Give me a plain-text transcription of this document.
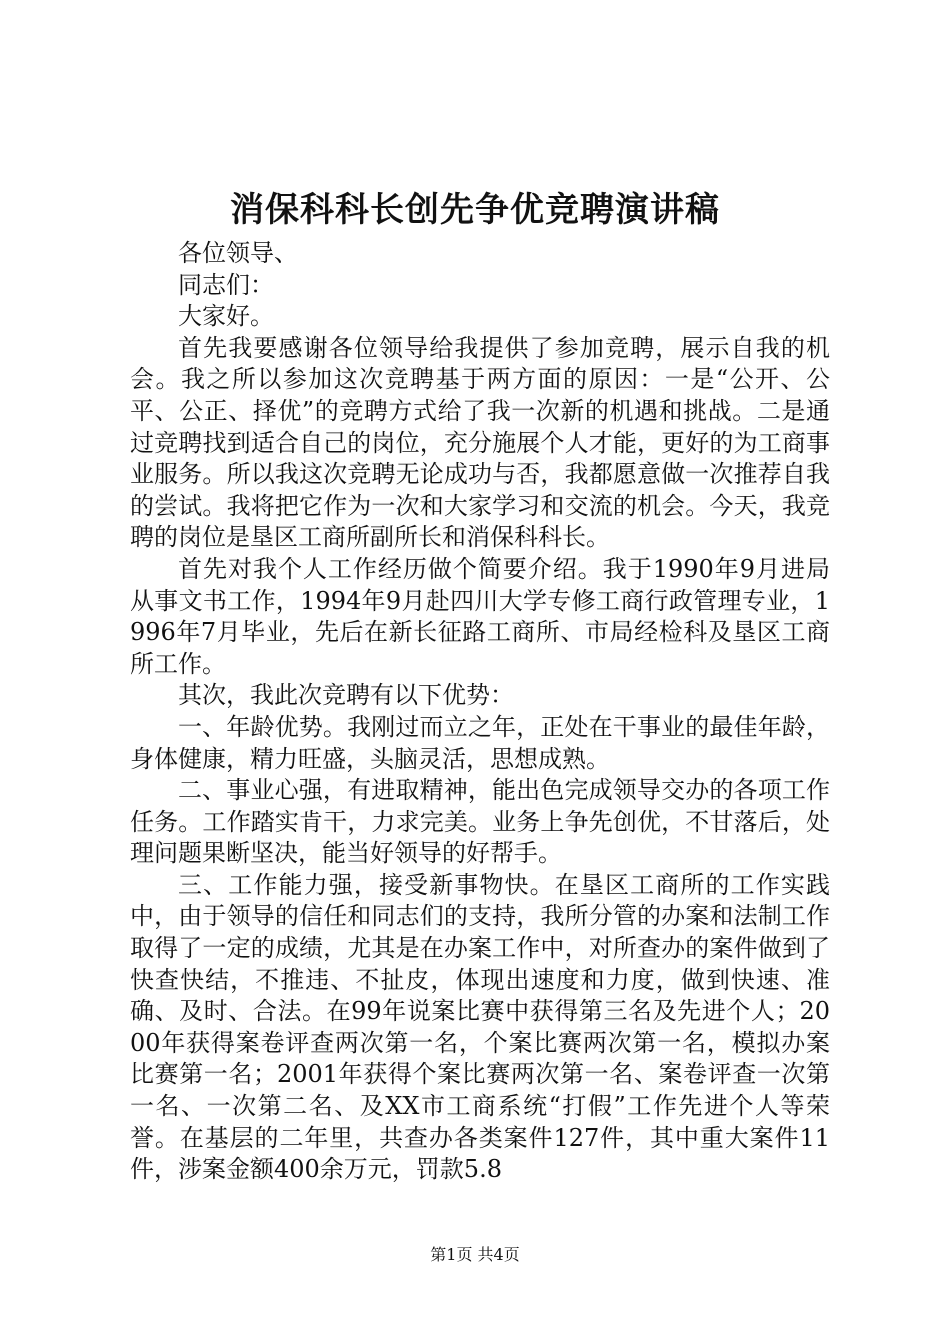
消保科科长创先争优竞聘演讲稿

各位领导、

同志们：

大家好。

首先我要感谢各位领导给我提供了参加竞聘，展示自我的机会。我之所以参加这次竞聘基于两方面的原因：一是“公开、公平、公正、择优”的竞聘方式给了我一次新的机遇和挑战。二是通过竞聘找到适合自己的岗位，充分施展个人才能，更好的为工商事业服务。所以我这次竞聘无论成功与否，我都愿意做一次推荐自我的尝试。我将把它作为一次和大家学习和交流的机会。今天，我竞聘的岗位是垦区工商所副所长和消保科科长。

首先对我个人工作经历做个简要介绍。我于1990年9月进局从事文书工作，1994年9月赴四川大学专修工商行政管理专业，1996年7月毕业，先后在新长征路工商所、市局经检科及垦区工商所工作。

其次，我此次竞聘有以下优势：

一、年龄优势。我刚过而立之年，正处在干事业的最佳年龄，身体健康，精力旺盛，头脑灵活，思想成熟。

二、事业心强，有进取精神，能出色完成领导交办的各项工作任务。工作踏实肯干，力求完美。业务上争先创优，不甘落后，处理问题果断坚决，能当好领导的好帮手。

三、工作能力强，接受新事物快。在垦区工商所的工作实践中，由于领导的信任和同志们的支持，我所分管的办案和法制工作取得了一定的成绩，尤其是在办案工作中，对所查办的案件做到了快查快结，不推违、不扯皮，体现出速度和力度，做到快速、准确、及时、合法。在99年说案比赛中获得第三名及先进个人；2000年获得案卷评查两次第一名，个案比赛两次第一名，模拟办案比赛第一名；2001年获得个案比赛两次第一名、案卷评查一次第一名、一次第二名、及XX市工商系统“打假”工作先进个人等荣誉。在基层的二年里，共查办各类案件127件，其中重大案件11件，涉案金额400余万元，罚款5.8

第1页 共4页
